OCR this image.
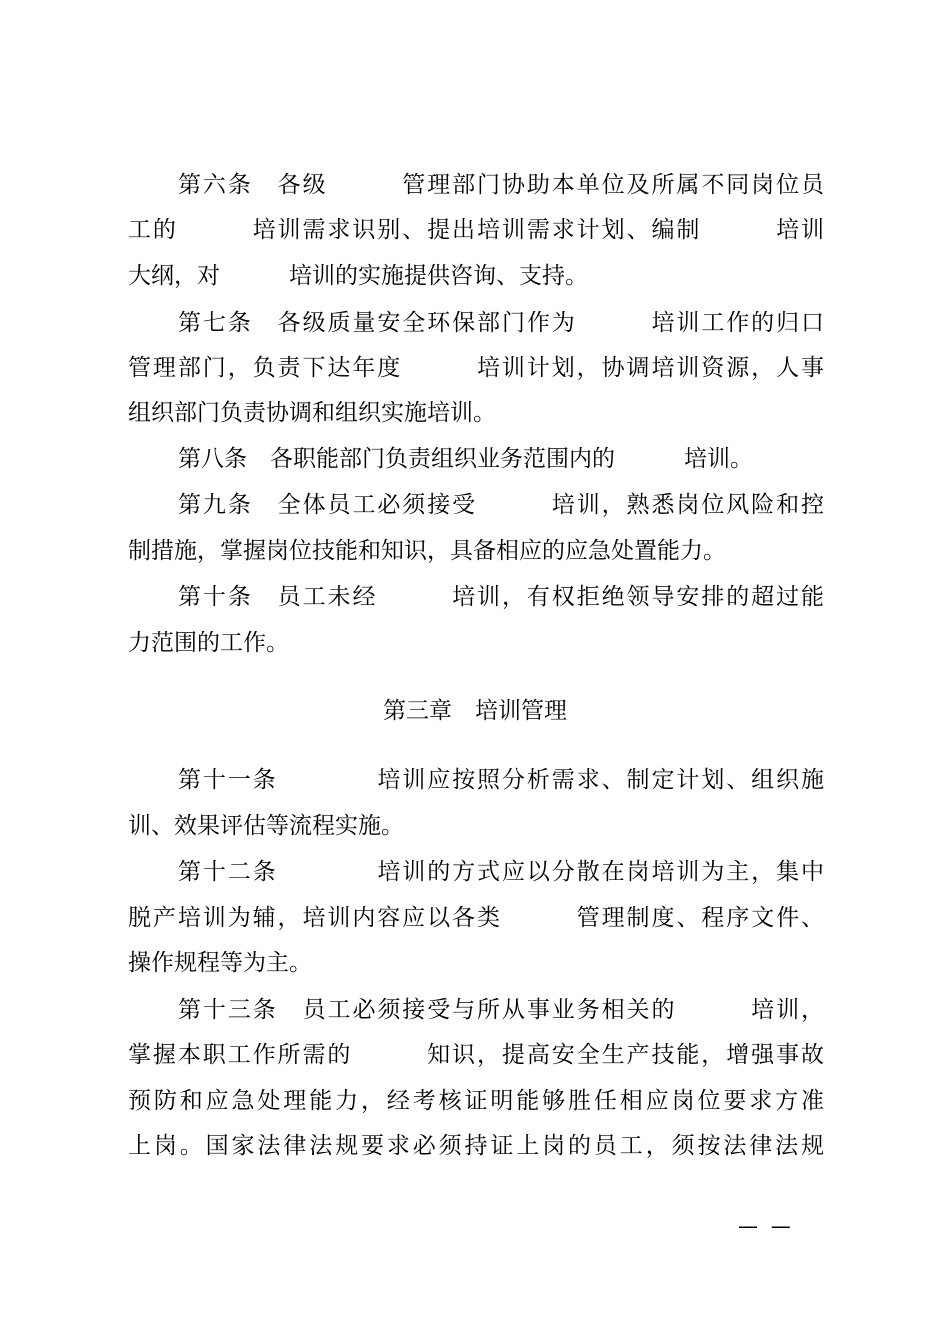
第六条　各级　　　管理部门协助本单位及所属不同岗位员
工的　　　培训需求识别、提出培训需求计划、编制　　　培训
大纲，对　　　培训的实施提供咨询、支持。
第七条　各级质量安全环保部门作为　　　培训工作的归口
管理部门，负责下达年度　　　培训计划，协调培训资源，人事
组织部门负责协调和组织实施培训。
第八条　各职能部门负责组织业务范围内的　　　培训。
第九条　全体员工必须接受　　　培训，熟悉岗位风险和控
制措施，掌握岗位技能和知识，具备相应的应急处置能力。
第十条　员工未经　　　培训，有权拒绝领导安排的超过能
力范围的工作。
第三章　培训管理
第十一条　　　　培训应按照分析需求、制定计划、组织施
训、效果评估等流程实施。
第十二条　　　　培训的方式应以分散在岗培训为主，集中
脱产培训为辅，培训内容应以各类　　　管理制度、程序文件、
操作规程等为主。
第十三条　员工必须接受与所从事业务相关的　　　培训，
掌握本职工作所需的　　　知识，提高安全生产技能，增强事故
预防和应急处理能力，经考核证明能够胜任相应岗位要求方准
上岗。国家法律法规要求必须持证上岗的员工，须按法律法规
—  —
